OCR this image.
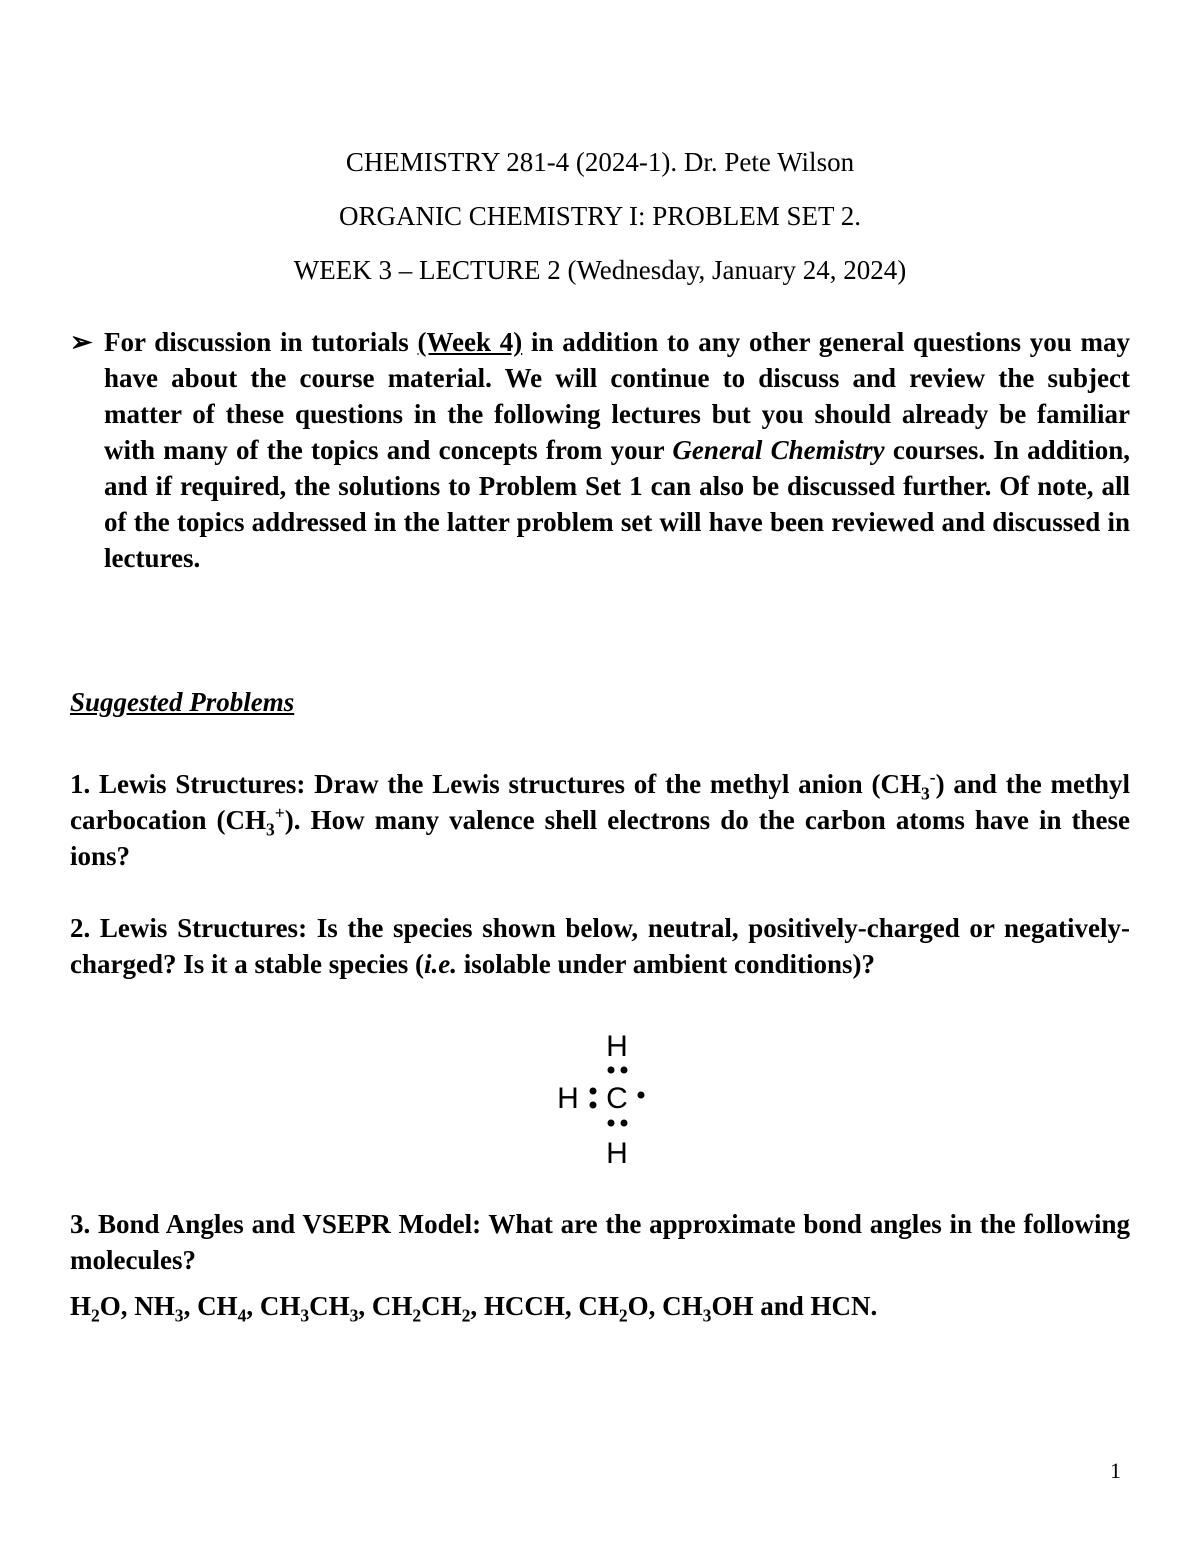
CHEMISTRY 281-4 (2024-1). Dr. Pete Wilson
ORGANIC CHEMISTRY I: PROBLEM SET 2.
WEEK 3 – LECTURE 2 (Wednesday, January 24, 2024)
➢ For discussion in tutorials (Week 4) in addition to any other general questions you may have about the course material. We will continue to discuss and review the subject matter of these questions in the following lectures but you should already be familiar with many of the topics and concepts from your General Chemistry courses. In addition, and if required, the solutions to Problem Set 1 can also be discussed further. Of note, all of the topics addressed in the latter problem set will have been reviewed and discussed in lectures.

Suggested Problems

1. Lewis Structures: Draw the Lewis structures of the methyl anion $(CH_3^-)$ and the methyl carbocation $(CH_3^+)$. How many valence shell electrons do the carbon atoms have in these ions?

2. Lewis Structures: Is the species shown below, neutral, positively-charged or negatively-charged? Is it a stable species (i.e. isolable under ambient conditions)?

H
H C
H

3. Bond Angles and VSEPR Model: What are the approximate bond angles in the following molecules?

$H_2O$, $NH_3$, $CH_4$, $CH_3CH_3$, $CH_2CH_2$, HCCH, $CH_2O$, $CH_3OH$ and HCN.
1
